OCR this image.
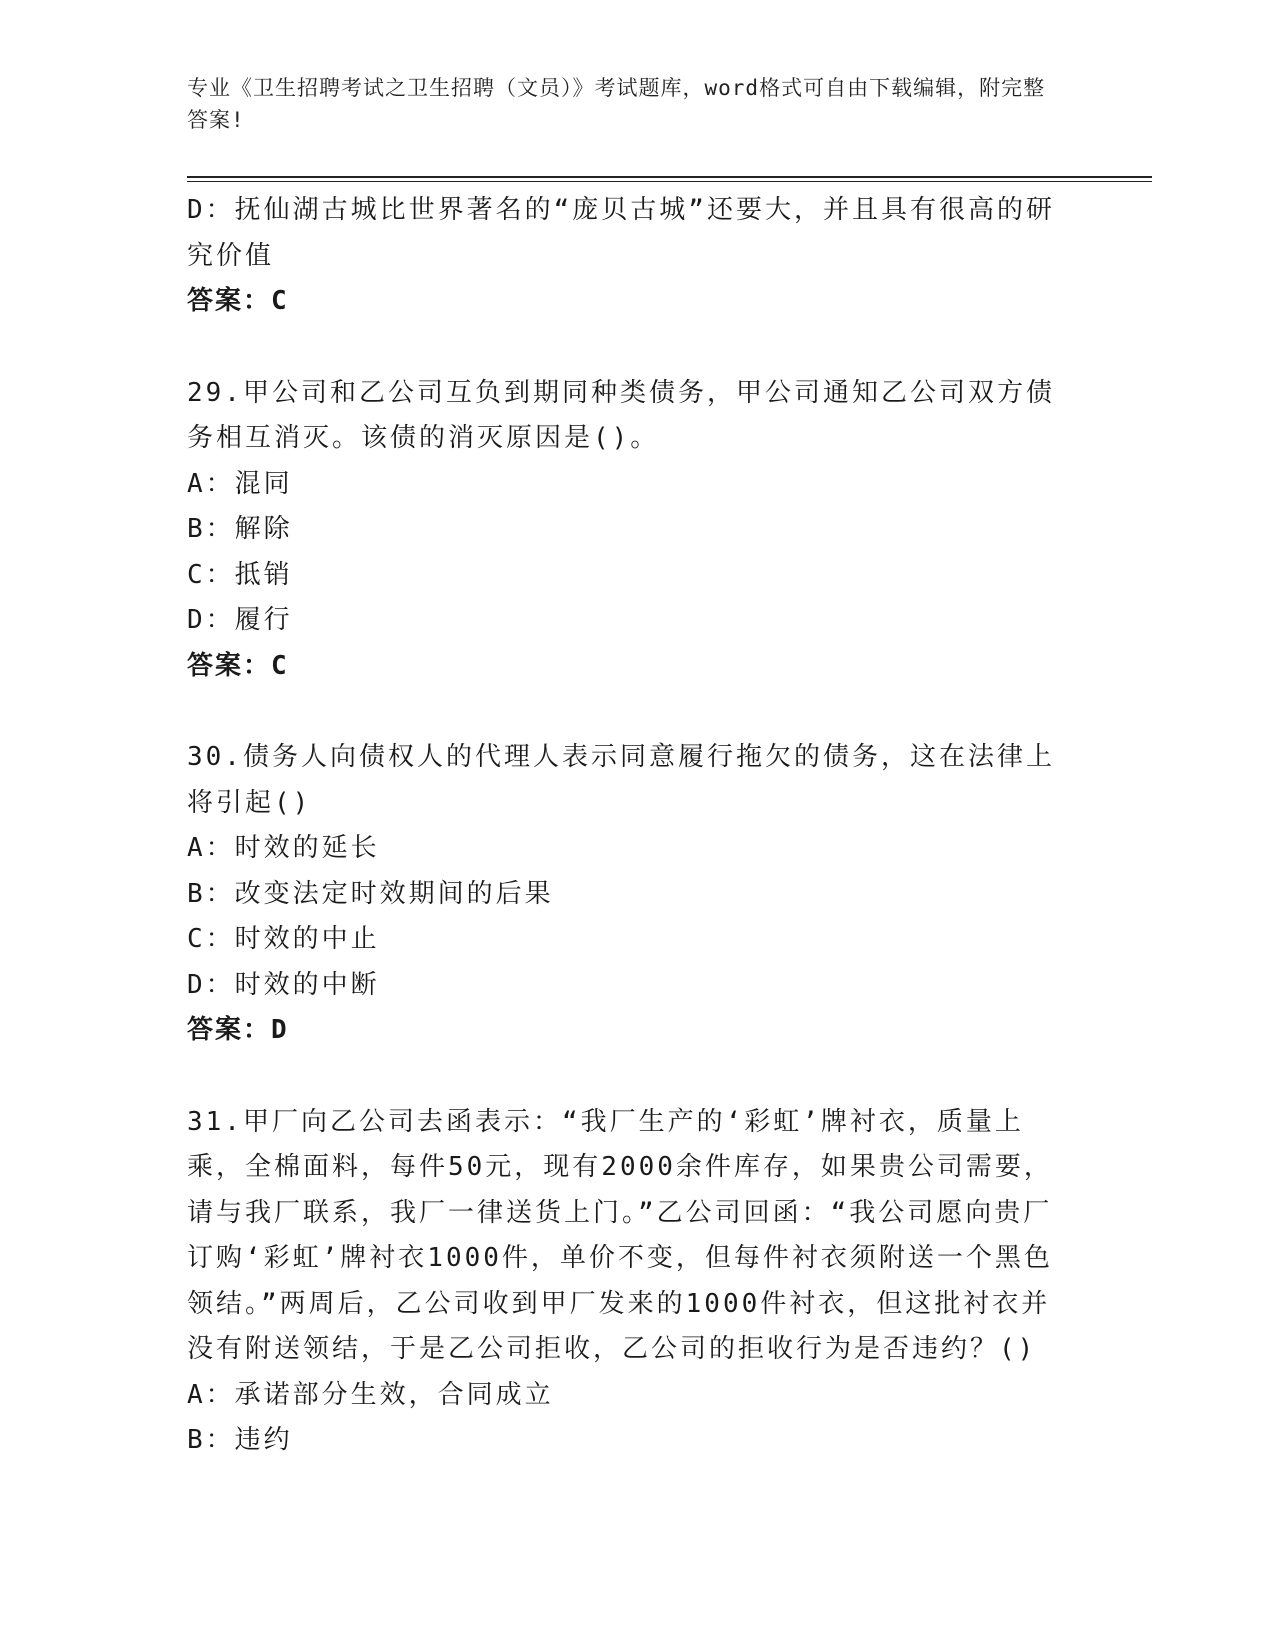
专业《卫生招聘考试之卫生招聘（文员）》考试题库，word格式可自由下载编辑，附完整答案!

D：抚仙湖古城比世界著名的“庞贝古城”还要大，并且具有很高的研究价值

答案：C

29.甲公司和乙公司互负到期同种类债务，甲公司通知乙公司双方债务相互消灭。该债的消灭原因是()。

A：混同

B：解除

C：抵销

D：履行

答案：C

30.债务人向债权人的代理人表示同意履行拖欠的债务，这在法律上将引起()

A：时效的延长

B：改变法定时效期间的后果

C：时效的中止

D：时效的中断

答案：D

31.甲厂向乙公司去函表示：“我厂生产的‘彩虹’牌衬衣，质量上乘，全棉面料，每件50元，现有2000余件库存，如果贵公司需要，请与我厂联系，我厂一律送货上门。”乙公司回函：“我公司愿向贵厂订购‘彩虹’牌衬衣1000件，单价不变，但每件衬衣须附送一个黑色领结。”两周后，乙公司收到甲厂发来的1000件衬衣，但这批衬衣并没有附送领结，于是乙公司拒收，乙公司的拒收行为是否违约？()

A：承诺部分生效，合同成立

B：违约
